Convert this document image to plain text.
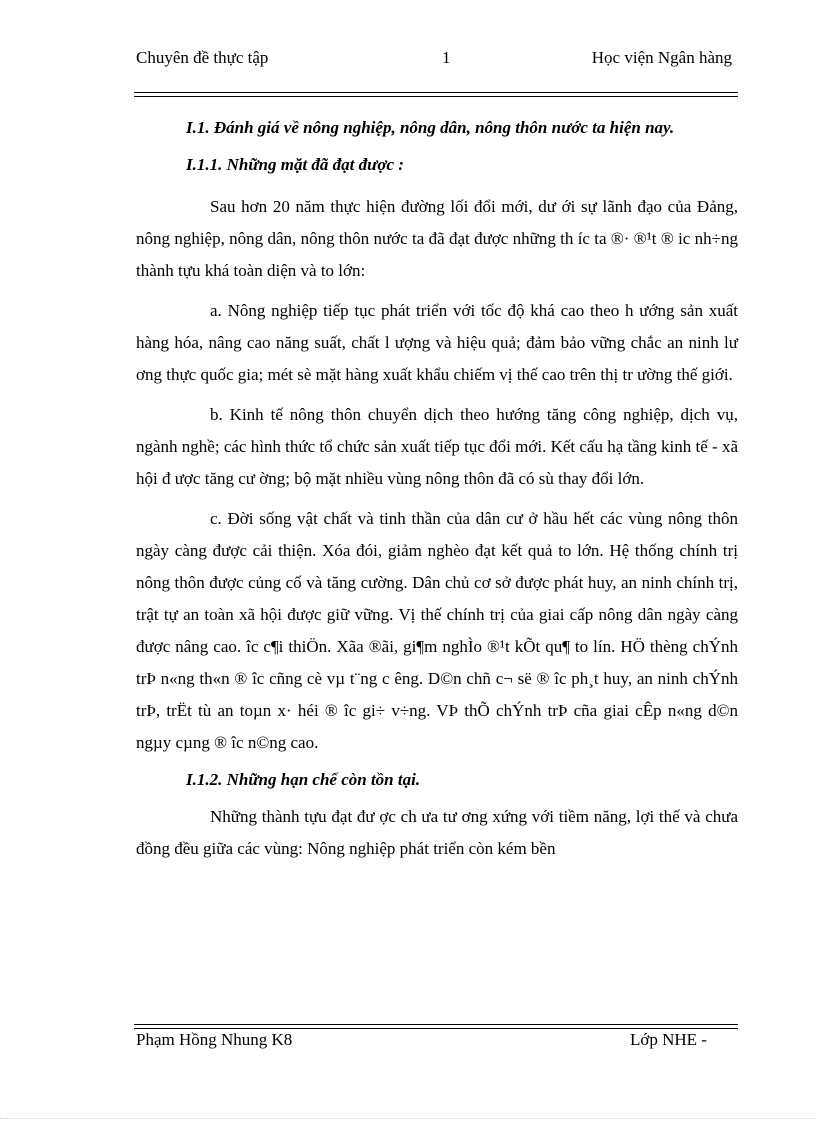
Chuyên đề thực tập	1	Học viện Ngân hàng

I.1. Đánh giá về nông nghiệp, nông dân, nông thôn nước ta hiện nay.

I.1.1. Những mặt đã đạt được :

Sau hơn 20 năm thực hiện đường lối đổi mới, dư ới sự lãnh đạo của Đảng, nông nghiệp, nông dân, nông thôn nước ta đã đạt được những th íc ta ®· ®¹t ® ic nh÷ng thành tựu khá toàn diện và to lớn:

a. Nông nghiệp tiếp tục phát triển với tốc độ khá cao theo h ướng sản xuất hàng hóa, nâng cao năng suất, chất l ượng và hiệu quả; đảm bảo vững chắc an ninh lư ơng thực quốc gia; mét sè mặt hàng xuất khẩu chiếm vị thế cao trên thị tr ường thế giới.

b. Kinh tế nông thôn chuyển dịch theo hướng tăng công nghiệp, dịch vụ, ngành nghề; các hình thức tổ chức sản xuất tiếp tục đổi mới. Kết cấu hạ tầng kinh tế - xã hội đ ược tăng cư ờng; bộ mặt nhiều vùng nông thôn đã có sù thay đổi lớn.

c. Đời sống vật chất và tinh thần của dân cư ở hầu hết các vùng nông thôn ngày càng được cải thiện. Xóa đói, giảm nghèo đạt kết quả to lớn. Hệ thống chính trị nông thôn được củng cố và tăng cường. Dân chủ cơ sở được phát huy, an ninh chính trị, trật tự an toàn xã hội được giữ vững. Vị thế chính trị của giai cấp nông dân ngày càng được nâng cao. îc c¶i thiÖn. Xãa ®ãi, gi¶m nghÌo ®¹t kÕt qu¶ to lín. HÖ thèng chÝnh trÞ n«ng th«n ® îc cñng cè vµ t¨ng c êng. D©n chñ c¬ së ® îc ph¸t huy, an ninh chÝnh trÞ, trËt tù an toµn x· héi ® îc gi÷ v÷ng. VÞ thÕ chÝnh trÞ cña giai cÊp n«ng d©n ngµy cµng ® îc n©ng cao.

I.1.2. Những hạn chế còn tồn tại.

Những thành tựu đạt đư ợc ch ưa tư ơng xứng với tiềm năng, lợi thế và chưa đồng đều giữa các vùng: Nông nghiệp phát triển còn kém bền

Phạm Hồng Nhung K8	Lớp NHE -
